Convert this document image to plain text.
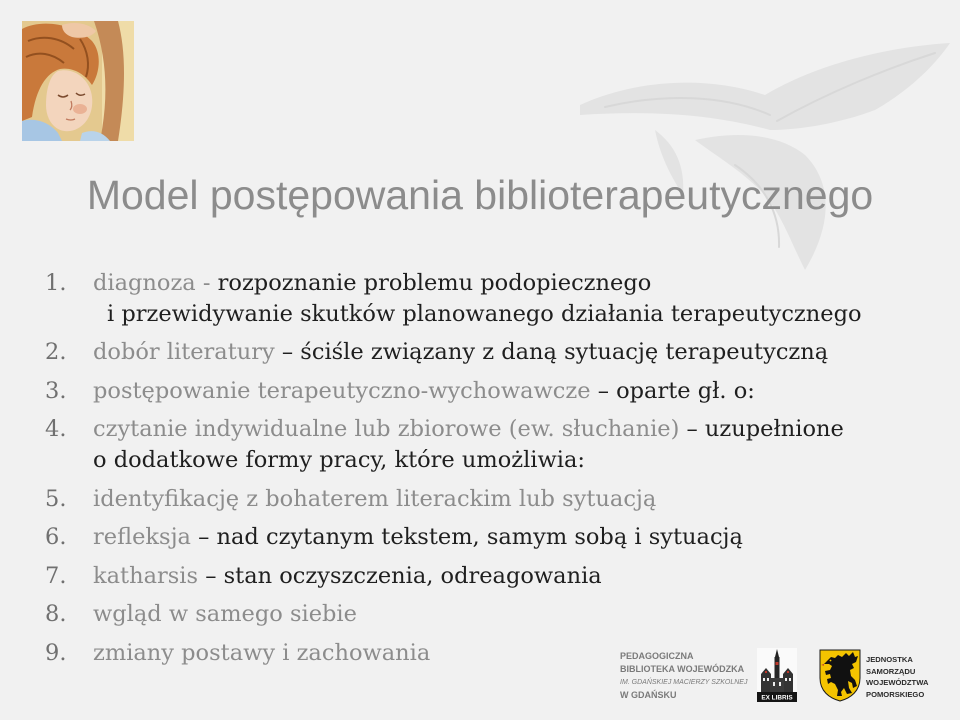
Model postępowania biblioterapeutycznego
1.	diagnoza - rozpoznanie problemu podopiecznego
i przewidywanie skutków planowanego działania terapeutycznego
2.	dobór literatury – ściśle związany z daną sytuację terapeutyczną
3.	postępowanie terapeutyczno-wychowawcze – oparte gł. o:
4.	czytanie indywidualne lub zbiorowe (ew. słuchanie) – uzupełnione
o dodatkowe formy pracy, które umożliwia:
5.	identyfikację z bohaterem literackim lub sytuacją
6.	refleksja – nad czytanym tekstem, samym sobą i sytuacją
7.	katharsis – stan oczyszczenia, odreagowania
8.	wgląd w samego siebie
9.	zmiany postawy i zachowania	PEDAGOGICZNA
BIBLIOTEKA WOJEWÓDZKA
IM. GDAŃSKIEJ MACIERZY SZKOLNEJ
W GDAŃSKU	EX LIBRIS
JEDNOSTKA
SAMORZĄDU
WOJEWÓDZTWA
POMORSKIEGO
